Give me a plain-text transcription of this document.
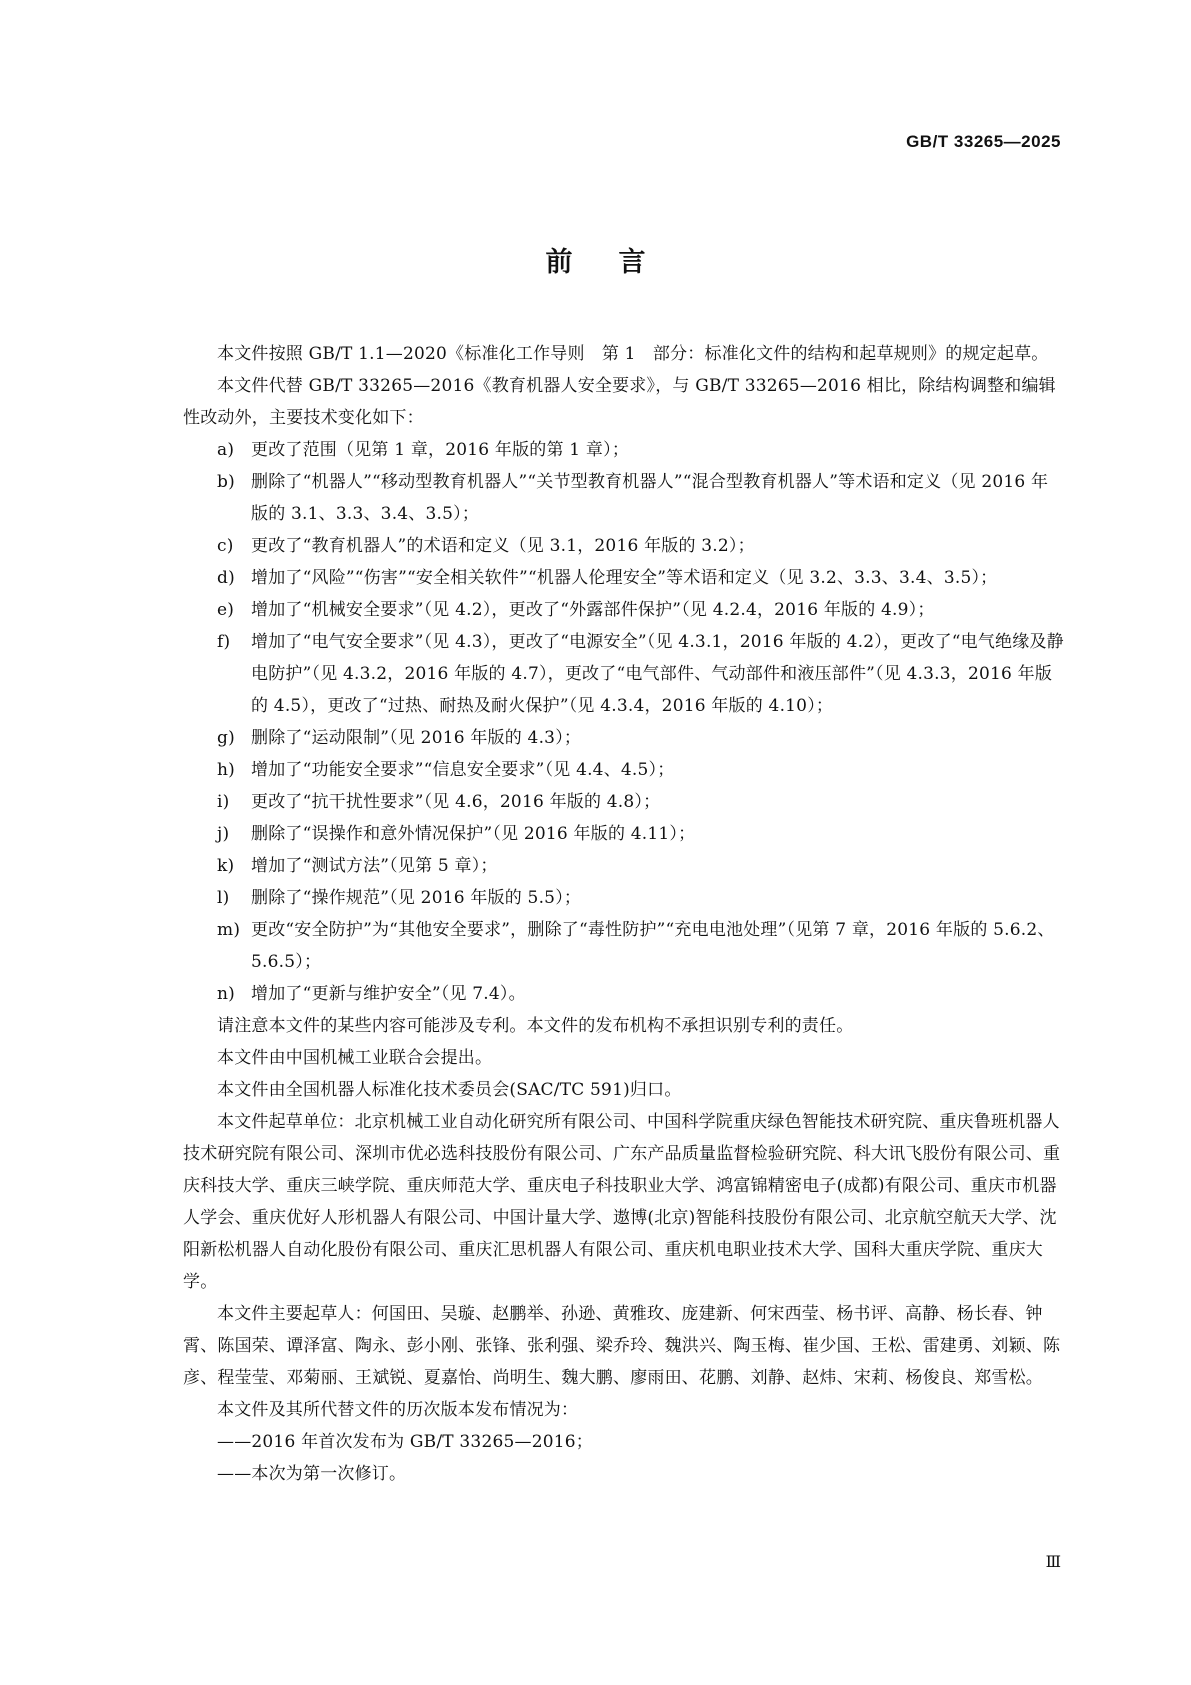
GB/T 33265—2025
前言

本文件按照 GB/T 1.1—2020《标准化工作导则　第 1　部分：标准化文件的结构和起草规则》的规定起草。

本文件代替 GB/T 33265—2016《教育机器人安全要求》，与 GB/T 33265—2016 相比，除结构调整和编辑性改动外，主要技术变化如下：

a) 更改了范围（见第 1 章，2016 年版的第 1 章）；
b) 删除了“机器人”“移动型教育机器人”“关节型教育机器人”“混合型教育机器人”等术语和定义（见 2016 年版的 3.1、3.3、3.4、3.5）；
c)	更改了“教育机器人”的术语和定义（见 3.1，2016 年版的 3.2）；
d) 增加了“风险”“伤害”“安全相关软件”“机器人伦理安全”等术语和定义（见 3.2、3.3、3.4、3.5）；
e) 增加了“机械安全要求”（见 4.2），更改了“外露部件保护”（见 4.2.4，2016 年版的 4.9）；
f)	增加了“电气安全要求”（见 4.3），更改了“电源安全”（见 4.3.1，2016 年版的 4.2），更改了“电气绝缘及静电防护”（见 4.3.2，2016 年版的 4.7），更改了“电气部件、气动部件和液压部件”（见 4.3.3，2016 年版的 4.5），更改了“过热、耐热及耐火保护”（见 4.3.4，2016 年版的 4.10）；
g) 删除了“运动限制”（见 2016 年版的 4.3）；
h) 增加了“功能安全要求”“信息安全要求”（见 4.4、4.5）；
i)	更改了“抗干扰性要求”（见 4.6，2016 年版的 4.8）；
j)	删除了“误操作和意外情况保护”（见 2016 年版的 4.11）；
k) 增加了“测试方法”（见第 5 章）；
l)	删除了“操作规范”（见 2016 年版的 5.5）；
m) 更改“安全防护”为“其他安全要求”，删除了“毒性防护”“充电电池处理”（见第 7 章，2016 年版的 5.6.2、5.6.5）；
n) 增加了“更新与维护安全”（见 7.4）。

请注意本文件的某些内容可能涉及专利。本文件的发布机构不承担识别专利的责任。

本文件由中国机械工业联合会提出。

本文件由全国机器人标准化技术委员会(SAC/TC 591)归口。

本文件起草单位：北京机械工业自动化研究所有限公司、中国科学院重庆绿色智能技术研究院、重庆鲁班机器人技术研究院有限公司、深圳市优必选科技股份有限公司、广东产品质量监督检验研究院、科大讯飞股份有限公司、重庆科技大学、重庆三峡学院、重庆师范大学、重庆电子科技职业大学、鸿富锦精密电子(成都)有限公司、重庆市机器人学会、重庆优好人形机器人有限公司、中国计量大学、遨博(北京)智能科技股份有限公司、北京航空航天大学、沈阳新松机器人自动化股份有限公司、重庆汇思机器人有限公司、重庆机电职业技术大学、国科大重庆学院、重庆大学。

本文件主要起草人：何国田、吴璇、赵鹏举、孙逊、黄雅玫、庞建新、何宋西莹、杨书评、高静、杨长春、钟霄、陈国荣、谭泽富、陶永、彭小刚、张锋、张利强、梁乔玲、魏洪兴、陶玉梅、崔少国、王松、雷建勇、刘颖、陈彦、程莹莹、邓菊丽、王斌锐、夏嘉怡、尚明生、魏大鹏、廖雨田、花鹏、刘静、赵炜、宋莉、杨俊良、郑雪松。

本文件及其所代替文件的历次版本发布情况为：

——2016 年首次发布为 GB/T 33265—2016；

——本次为第一次修订。

Ⅲ
